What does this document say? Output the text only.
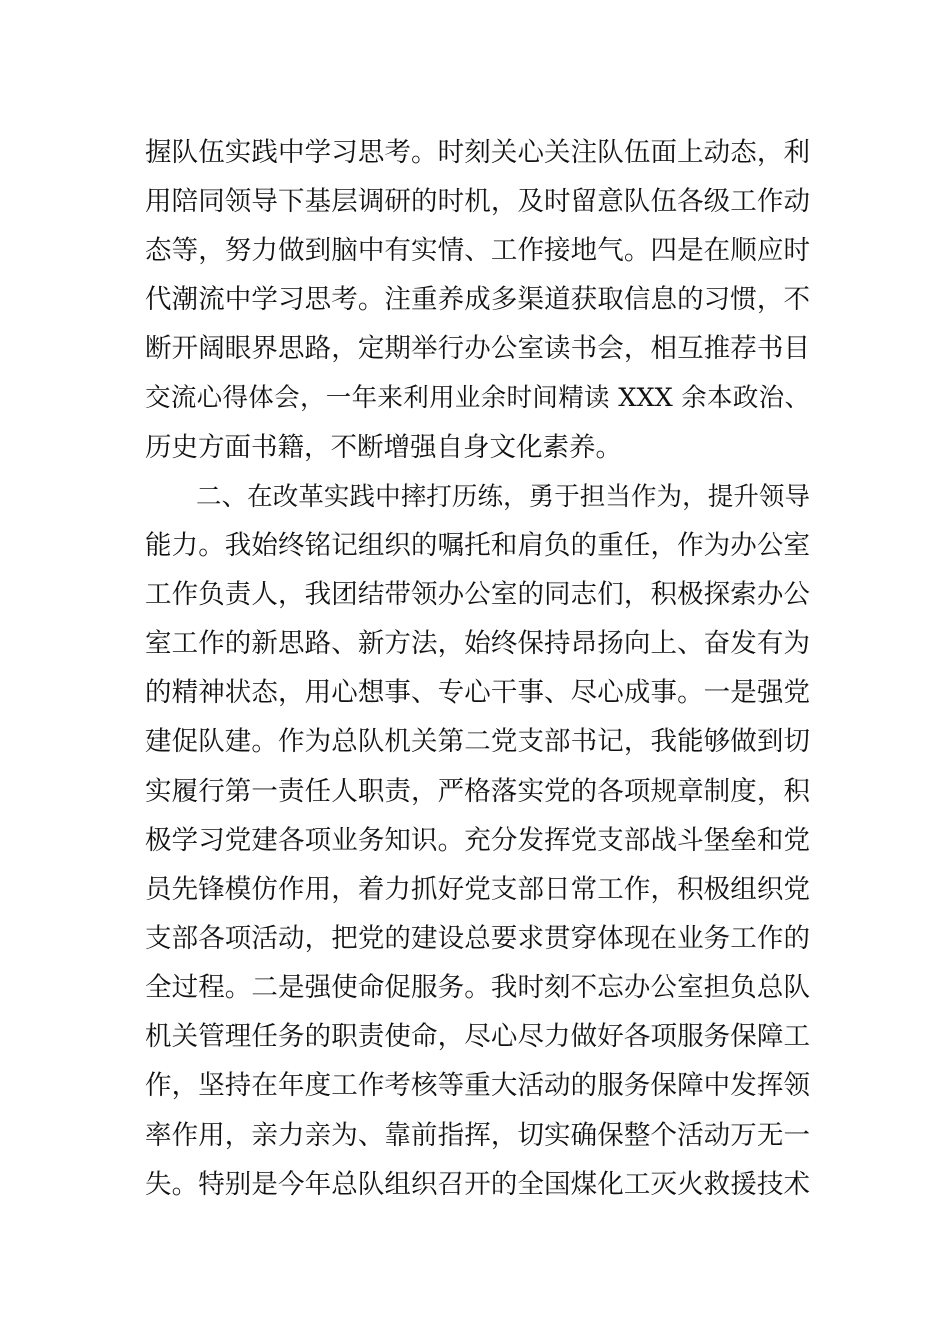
握队伍实践中学习思考。时刻关心关注队伍面上动态，利
用陪同领导下基层调研的时机，及时留意队伍各级工作动
态等，努力做到脑中有实情、工作接地气。四是在顺应时
代潮流中学习思考。注重养成多渠道获取信息的习惯，不
断开阔眼界思路，定期举行办公室读书会，相互推荐书目
交流心得体会，一年来利用业余时间精读 XXX 余本政治、
历史方面书籍，不断增强自身文化素养。
二、在改革实践中摔打历练，勇于担当作为，提升领导
能力。我始终铭记组织的嘱托和肩负的重任，作为办公室
工作负责人，我团结带领办公室的同志们，积极探索办公
室工作的新思路、新方法，始终保持昂扬向上、奋发有为
的精神状态，用心想事、专心干事、尽心成事。一是强党
建促队建。作为总队机关第二党支部书记，我能够做到切
实履行第一责任人职责，严格落实党的各项规章制度，积
极学习党建各项业务知识。充分发挥党支部战斗堡垒和党
员先锋模仿作用，着力抓好党支部日常工作，积极组织党
支部各项活动，把党的建设总要求贯穿体现在业务工作的
全过程。二是强使命促服务。我时刻不忘办公室担负总队
机关管理任务的职责使命，尽心尽力做好各项服务保障工
作，坚持在年度工作考核等重大活动的服务保障中发挥领
率作用，亲力亲为、靠前指挥，切实确保整个活动万无一
失。特别是今年总队组织召开的全国煤化工灭火救援技术
